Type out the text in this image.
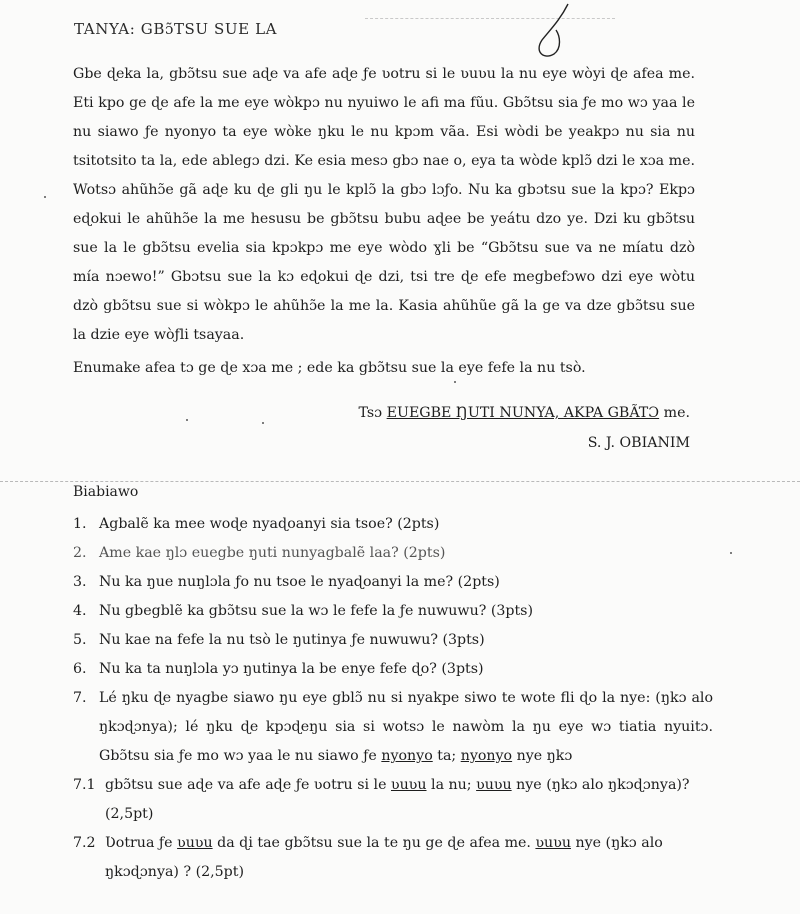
TANYA: GBɔ̃TSU SUE LA
Gbe ɖeka la, gbɔ̃tsu sue aɖe va afe aɖe ƒe ʋotru si le ʋuʋu la nu eye wòyi ɖe afea me. Eti kpo ge ɖe afe la me eye wòkpɔ nu nyuiwo le afi ma fũu. Gbɔ̃tsu sia ƒe mo wɔ yaa le nu siawo ƒe nyonyo ta eye wòke ŋku le nu kpɔm vãa. Esi wòdi be yeakpɔ nu sia nu tsitotsito ta la, ede ablegɔ dzi. Ke esia mesɔ gbɔ nae o, eya ta wòde kplɔ̃ dzi le xɔa me. Wotsɔ ahũhɔ̃e gã aɖe ku ɖe gli ŋu le kplɔ̃ la gbɔ lɔƒo. Nu ka gbɔtsu sue la kpɔ? Ekpɔ eɖokui le ahũhɔ̃e la me hesusu be gbɔ̃tsu bubu aɖee be yeátu dzo ye. Dzi ku gbɔ̃tsu sue la le gbɔ̃tsu evelia sia kpɔkpɔ me eye wòdo ɣli be “Gbɔ̃tsu sue va ne míatu dzò mía nɔewo!” Gbɔtsu sue la kɔ eɖokui ɖe dzi, tsi tre ɖe efe megbefɔwo dzi eye wòtu dzò gbɔ̃tsu sue si wòkpɔ le ahũhɔ̃e la me la. Kasia ahũhũe gã la ge va dze gbɔ̃tsu sue la dzie eye wòƒli tsayaa.
Enumake afea tɔ ge ɖe xɔa me ; ede ka gbɔ̃tsu sue la eye fefe la nu tsò.
Tsɔ EUEGBE ŊUTI NUNYA, AKPA GBÃTƆ me.
S. J. OBIANIM
Biabiawo
1. Agbalẽ ka mee woɖe nyaɖoanyi sia tsoe? (2pts)
2. Ame kae ŋlɔ euegbe ŋuti nunyagbalẽ laa? (2pts)
3. Nu ka ŋue nuŋlɔla ƒo nu tsoe le nyaɖoanyi la me? (2pts)
4. Nu gbegblẽ ka gbɔ̃tsu sue la wɔ le fefe la ƒe nuwuwu? (3pts)
5. Nu kae na fefe la nu tsò le ŋutinya ƒe nuwuwu? (3pts)
6. Nu ka ta nuŋlɔla yɔ ŋutinya la be enye fefe ɖo? (3pts)
7. Lé ŋku ɖe nyagbe siawo ŋu eye gblɔ̃ nu si nyakpe siwo te wote fli ɖo la nye: (ŋkɔ alo ŋkɔɖɔnya); lé ŋku ɖe kpɔɖeŋu sia si wotsɔ le nawòm la ŋu eye wɔ tiatia nyuitɔ. Gbɔ̃tsu sia ƒe mo wɔ yaa le nu siawo ƒe nyonyo ta; nyonyo nye ŋkɔ
7.1 gbɔ̃tsu sue aɖe va afe aɖe ƒe ʋotru si le ʋuʋu la nu; ʋuʋu nye (ŋkɔ alo ŋkɔɖɔnya)?
(2,5pt)
7.2 Ʋotrua ƒe ʋuʋu da ɖi tae gbɔ̃tsu sue la te ŋu ge ɖe afea me. ʋuʋu nye (ŋkɔ alo ŋkɔɖɔnya) ? (2,5pt)
